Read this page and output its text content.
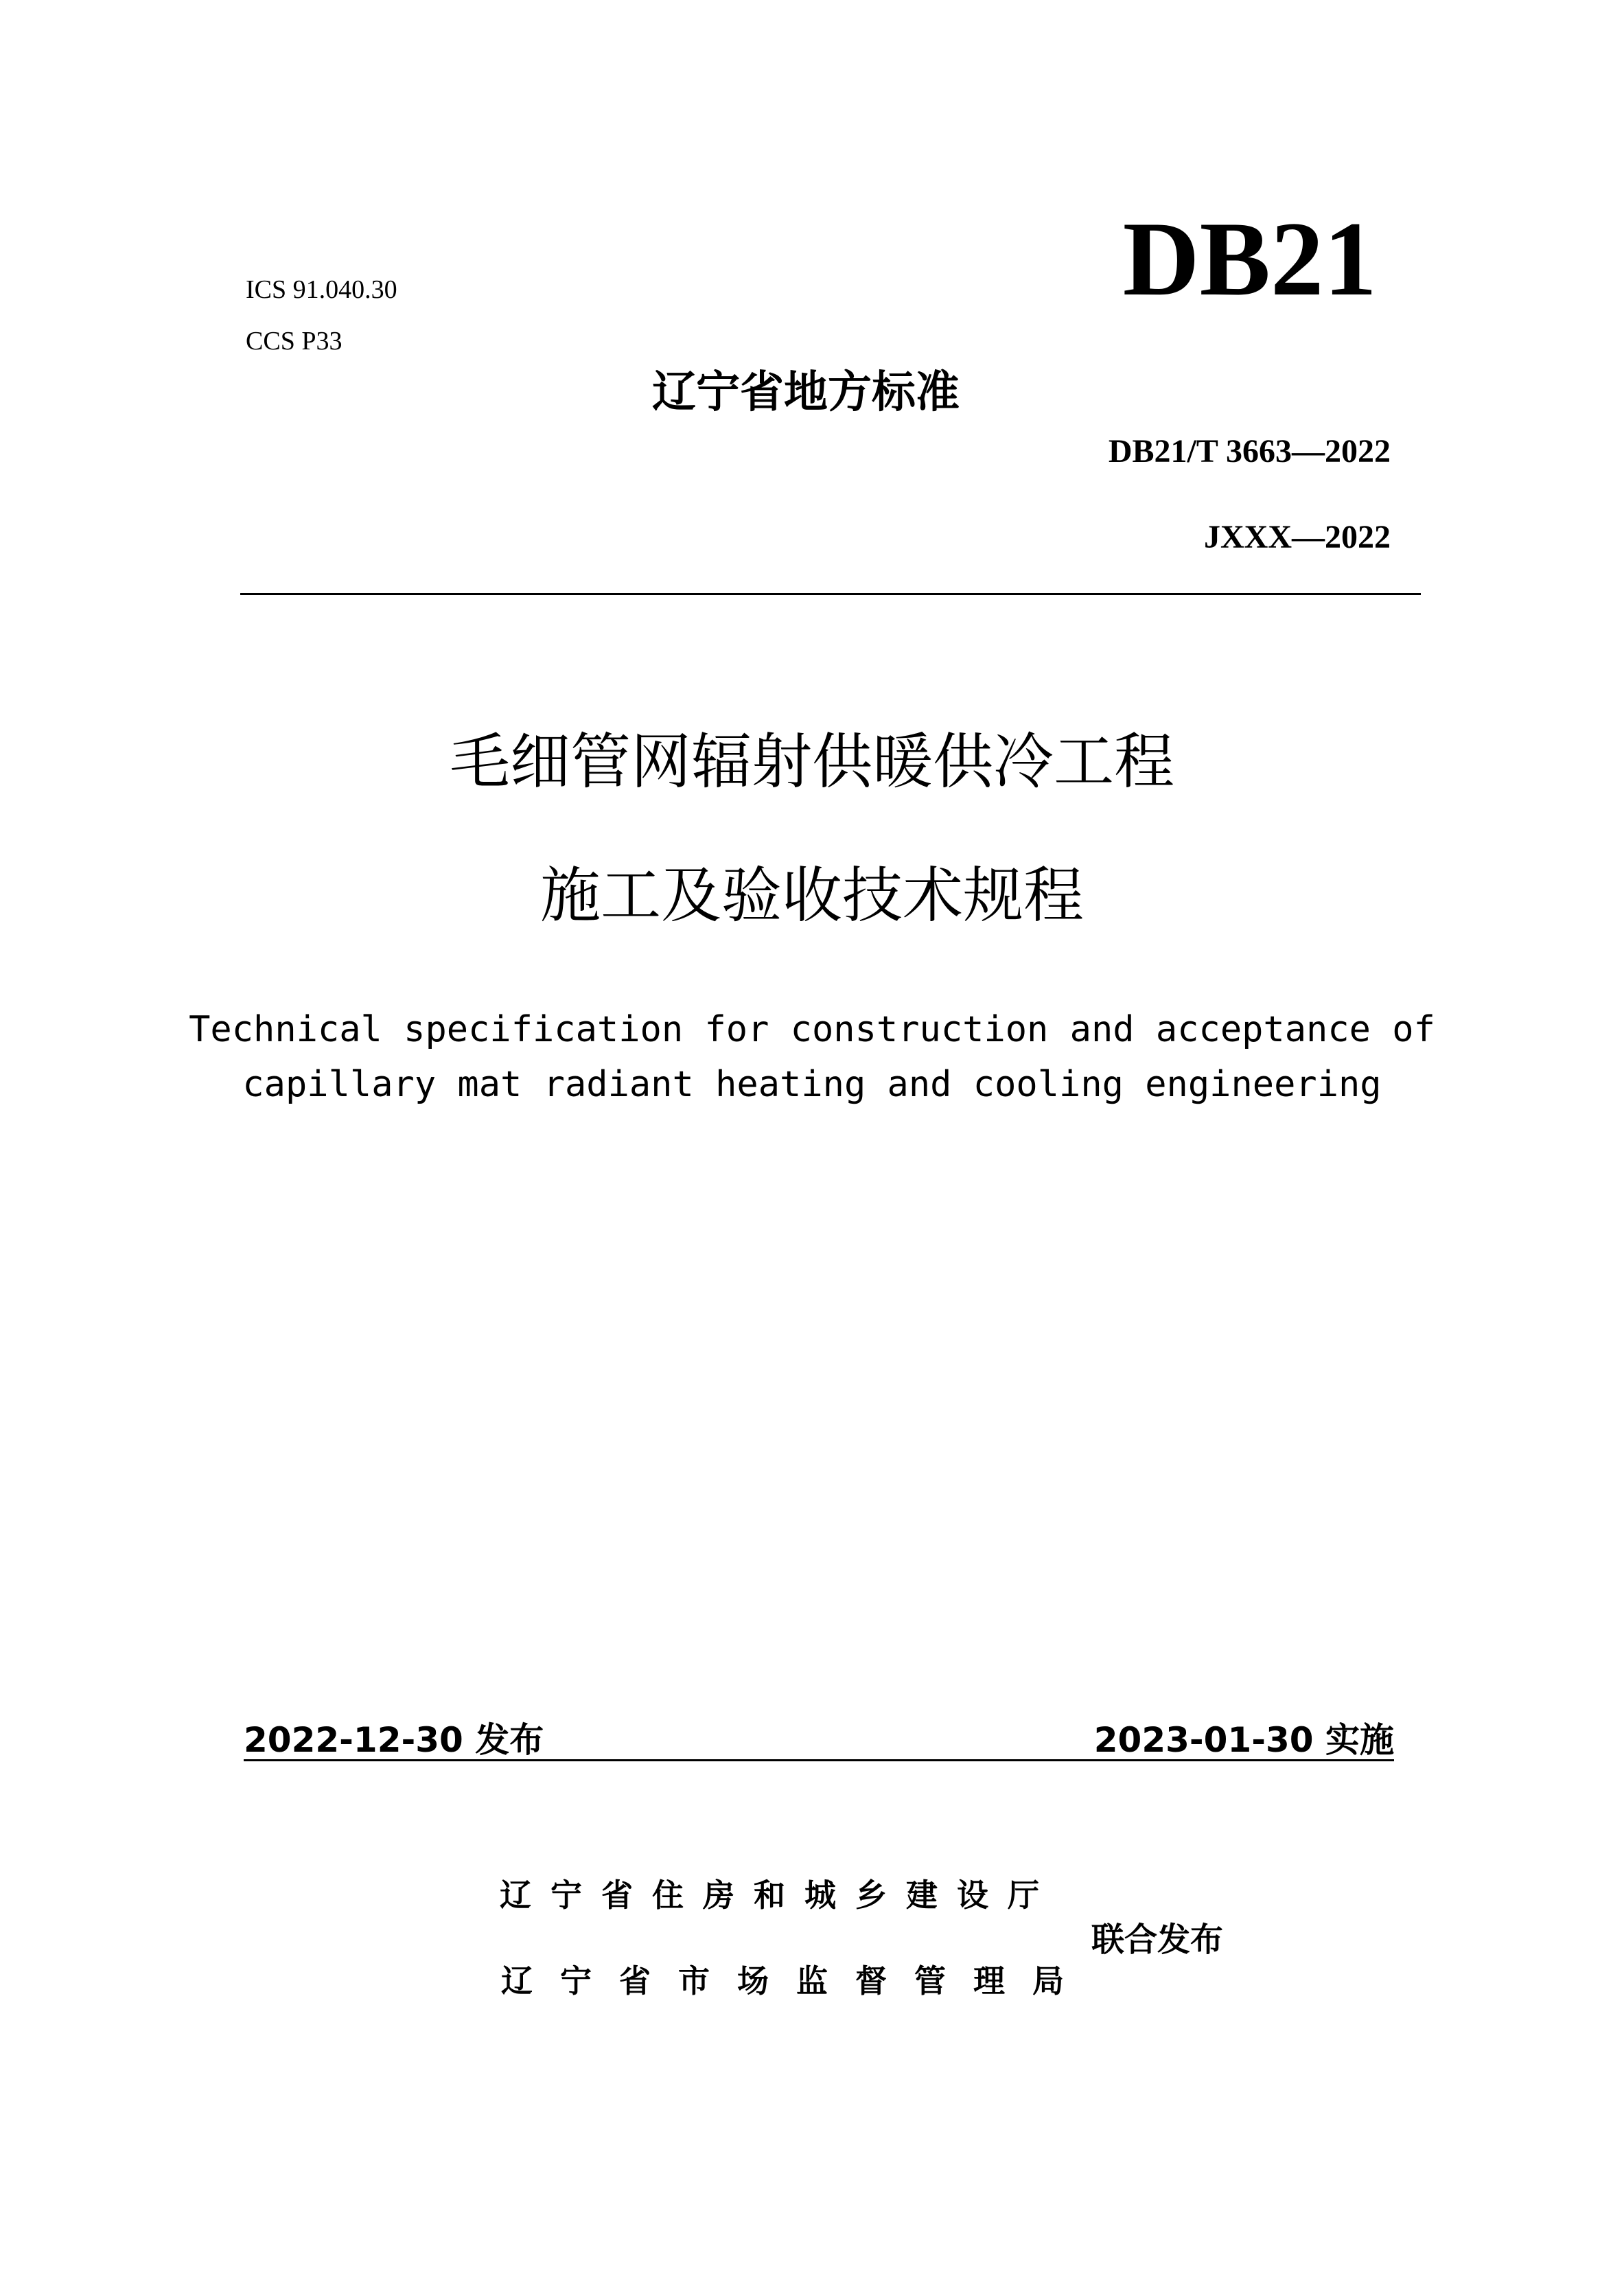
ICS 91.040.30
CCS P33
DB21
辽宁省地方标准
DB21/T 3663—2022
JXXX—2022
毛细管网辐射供暖供冷工程
施工及验收技术规程
Technical specification for construction and acceptance of
capillary mat radiant heating and cooling engineering
2022-12-30 发布	2023-01-30 实施
辽宁省住房和城乡建设厅
辽宁省市场监督管理局
联合发布
